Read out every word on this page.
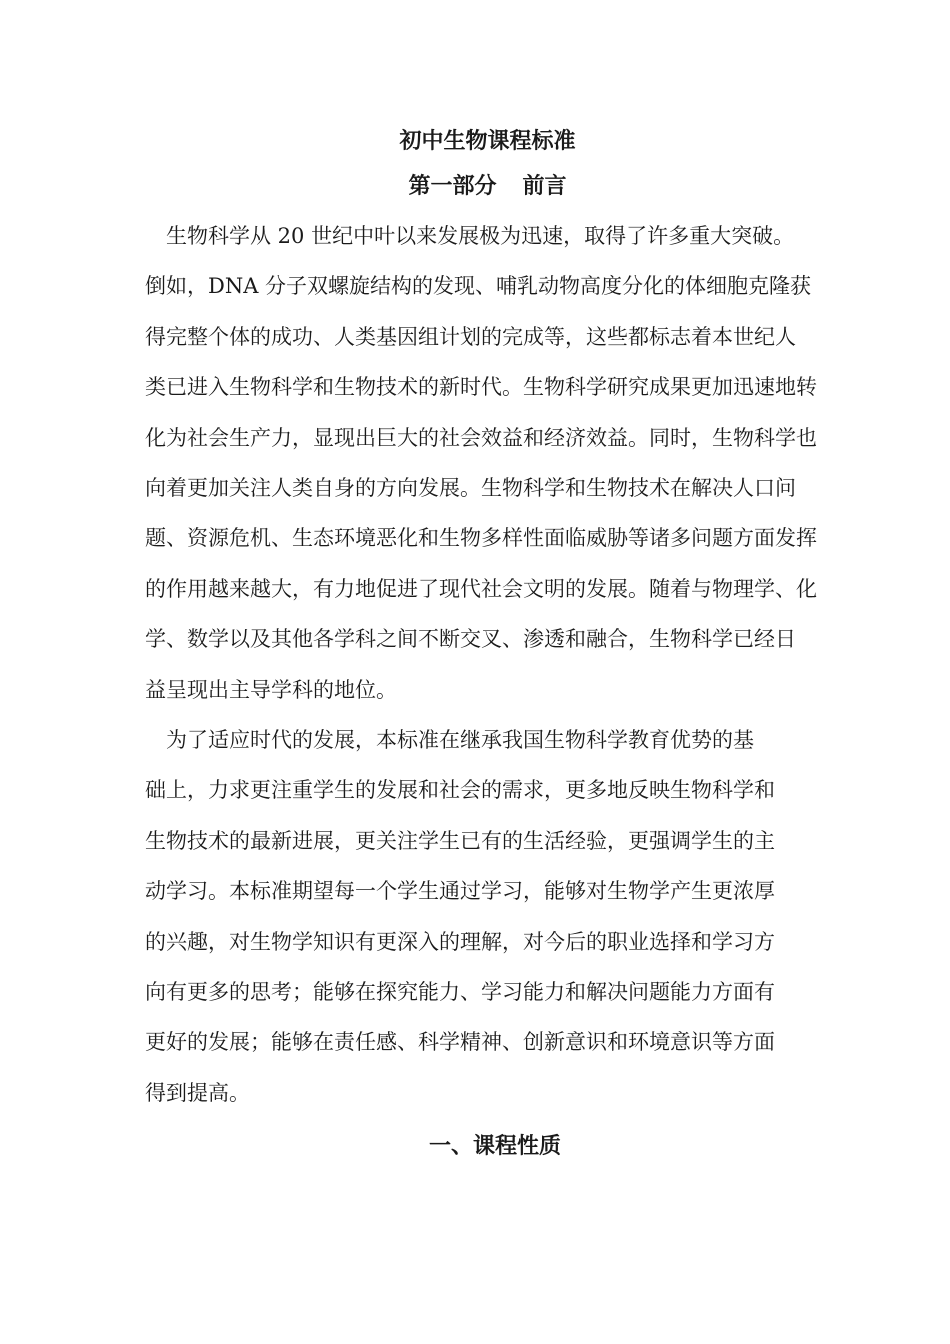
初中生物课程标准
第一部分 前言
　生物科学从 20 世纪中叶以来发展极为迅速，取得了许多重大突破。
倒如，DNA 分子双螺旋结构的发现、哺乳动物高度分化的体细胞克隆获
得完整个体的成功、人类基因组计划的完成等，这些都标志着本世纪人
类已进入生物科学和生物技术的新时代。生物科学研究成果更加迅速地转
化为社会生产力，显现出巨大的社会效益和经济效益。同时，生物科学也
向着更加关注人类自身的方向发展。生物科学和生物技术在解决人口问
题、资源危机、生态环境恶化和生物多样性面临威胁等诸多问题方面发挥
的作用越来越大，有力地促进了现代社会文明的发展。随着与物理学、化
学、数学以及其他各学科之间不断交叉、渗透和融合，生物科学已经日
益呈现出主导学科的地位。
　为了适应时代的发展，本标准在继承我国生物科学教育优势的基
础上，力求更注重学生的发展和社会的需求，更多地反映生物科学和
生物技术的最新进展，更关注学生已有的生活经验，更强调学生的主
动学习。本标准期望每一个学生通过学习，能够对生物学产生更浓厚
的兴趣，对生物学知识有更深入的理解，对今后的职业选择和学习方
向有更多的思考；能够在探究能力、学习能力和解决问题能力方面有
更好的发展；能够在责任感、科学精神、创新意识和环境意识等方面
得到提高。
一、课程性质
